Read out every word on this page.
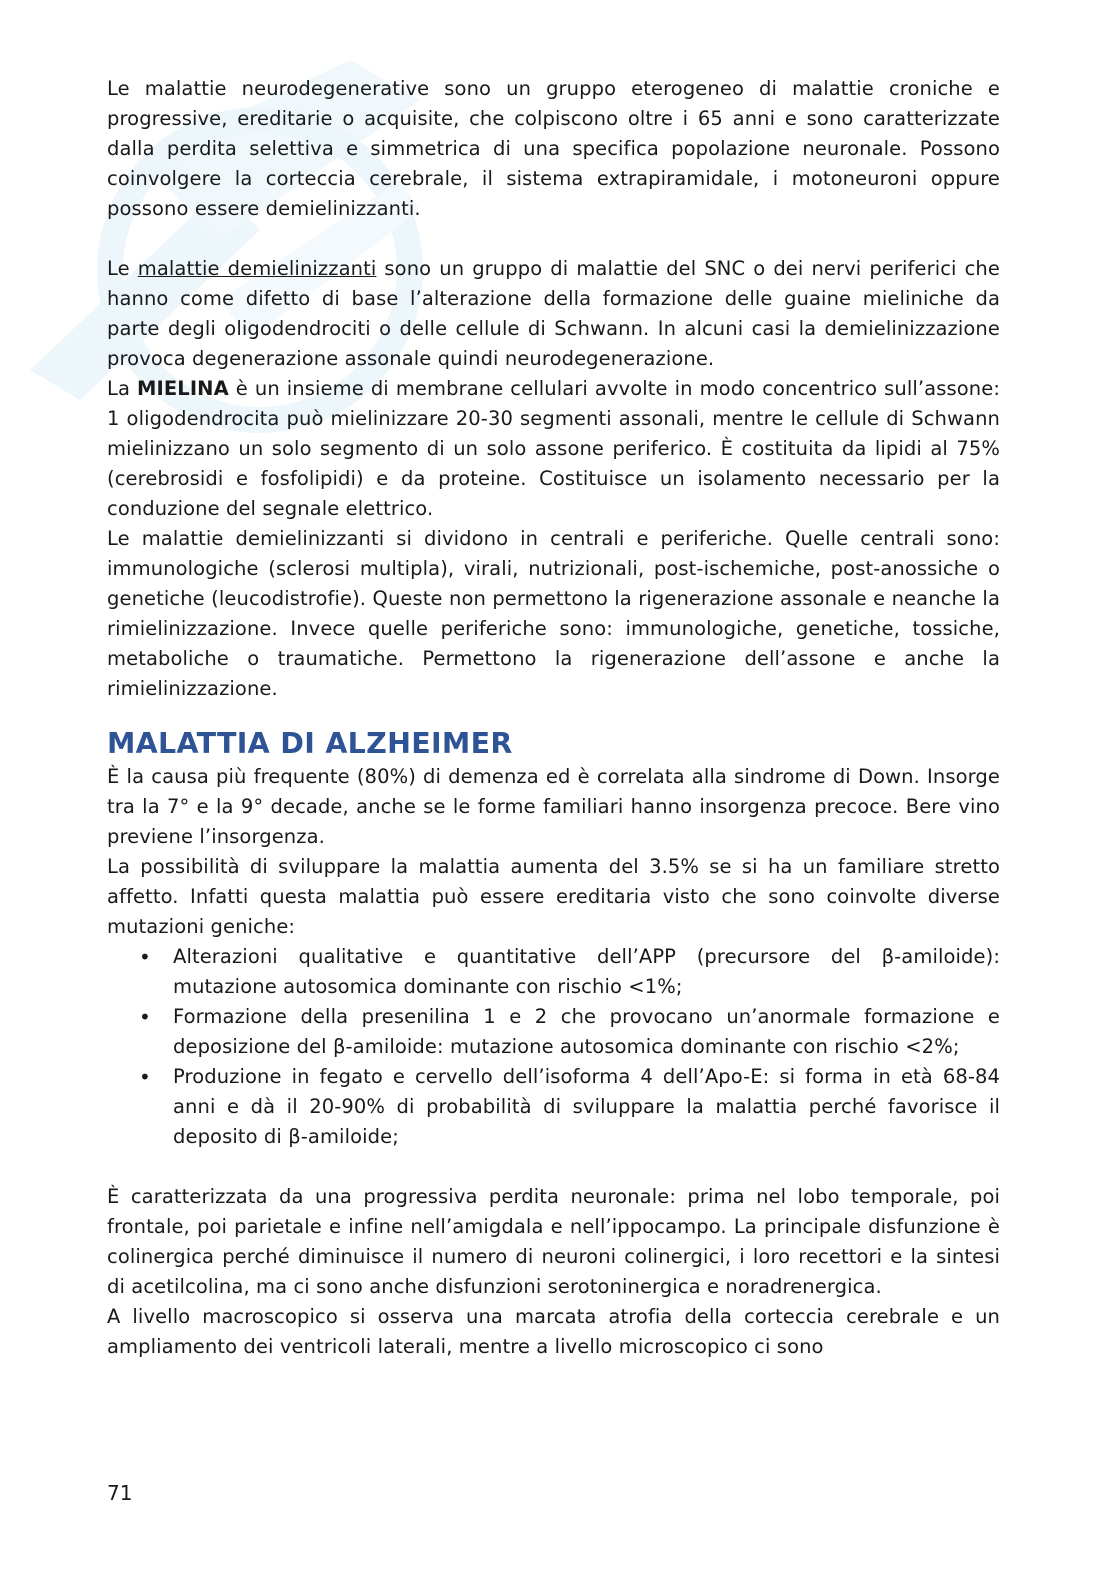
Le malattie neurodegenerative sono un gruppo eterogeneo di malattie croniche e progressive, ereditarie o acquisite, che colpiscono oltre i 65 anni e sono caratterizzate dalla perdita selettiva e simmetrica di una specifica popolazione neuronale. Possono coinvolgere la corteccia cerebrale, il sistema extrapiramidale, i motoneuroni oppure possono essere demielinizzanti.

Le malattie demielinizzanti sono un gruppo di malattie del SNC o dei nervi periferici che hanno come difetto di base l’alterazione della formazione delle guaine mieliniche da parte degli oligodendrociti o delle cellule di Schwann. In alcuni casi la demielinizzazione provoca degenerazione assonale quindi neurodegenerazione.

La MIELINA è un insieme di membrane cellulari avvolte in modo concentrico sull’assone: 1 oligodendrocita può mielinizzare 20-30 segmenti assonali, mentre le cellule di Schwann mielinizzano un solo segmento di un solo assone periferico. È costituita da lipidi al 75% (cerebrosidi e fosfolipidi) e da proteine. Costituisce un isolamento necessario per la conduzione del segnale elettrico.

Le malattie demielinizzanti si dividono in centrali e periferiche. Quelle centrali sono: immunologiche (sclerosi multipla), virali, nutrizionali, post-ischemiche, post-anossiche o genetiche (leucodistrofie). Queste non permettono la rigenerazione assonale e neanche la rimielinizzazione. Invece quelle periferiche sono: immunologiche, genetiche, tossiche, metaboliche o traumatiche. Permettono la rigenerazione dell’assone e anche la rimielinizzazione.

MALATTIA DI ALZHEIMER

È la causa più frequente (80%) di demenza ed è correlata alla sindrome di Down. Insorge tra la 7° e la 9° decade, anche se le forme familiari hanno insorgenza precoce. Bere vino previene l’insorgenza.

La possibilità di sviluppare la malattia aumenta del 3.5% se si ha un familiare stretto affetto. Infatti questa malattia può essere ereditaria visto che sono coinvolte diverse mutazioni geniche:

• Alterazioni qualitative e quantitative dell’APP (precursore del β-amiloide): mutazione autosomica dominante con rischio <1%;
• Formazione della presenilina 1 e 2 che provocano un’anormale formazione e deposizione del β-amiloide: mutazione autosomica dominante con rischio <2%;
• Produzione in fegato e cervello dell’isoforma 4 dell’Apo-E: si forma in età 68-84 anni e dà il 20-90% di probabilità di sviluppare la malattia perché favorisce il deposito di β-amiloide;

È caratterizzata da una progressiva perdita neuronale: prima nel lobo temporale, poi frontale, poi parietale e infine nell’amigdala e nell’ippocampo. La principale disfunzione è colinergica perché diminuisce il numero di neuroni colinergici, i loro recettori e la sintesi di acetilcolina, ma ci sono anche disfunzioni serotoninergica e noradrenergica.

A livello macroscopico si osserva una marcata atrofia della corteccia cerebrale e un ampliamento dei ventricoli laterali, mentre a livello microscopico ci sono

71
